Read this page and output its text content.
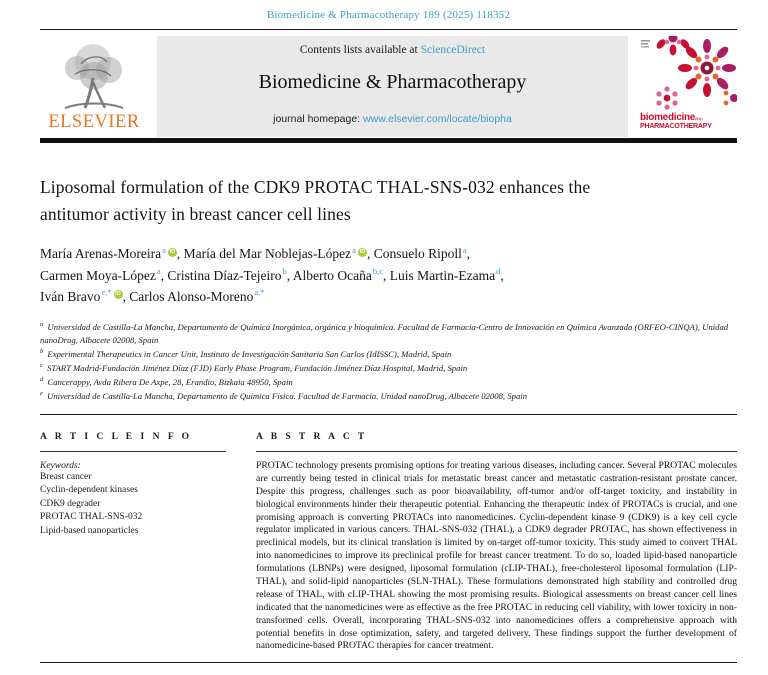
Biomedicine & Pharmacotherapy 189 (2025) 118352
ELSEVIER
Contents lists available at ScienceDirect
Biomedicine & Pharmacotherapy
journal homepage: www.elsevier.com/locate/biopha	biomedicineAND
PHARMACOTHERAPY
Liposomal formulation of the CDK9 PROTAC THAL-SNS-032 enhances the
antitumor activity in breast cancer cell lines
María Arenas-Moreira$^a$ iD , María del Mar Noblejas-López$^a$ iD , Consuelo Ripoll$^a$,
Carmen Moya-López$^a$, Cristina Díaz-Tejeiro$^b$, Alberto Ocaña$^{b,c}$, Luis Martin-Ezama$^d$,
Iván Bravo$^{e,*}$ iD , Carlos Alonso-Moreno$^{a,*}$
$^a$ Universidad de Castilla-La Mancha, Departamento de Química Inorgánica, orgánica y bioquímica. Facultad de Farmacia-Centro de Innovación en Química Avanzada (ORFEO-CINQA), Unidad nanoDrug, Albacete 02008, Spain
$^b$ Experimental Therapeutics in Cancer Unit, Instituto de Investigación Sanitaria San Carlos (IdISSC), Madrid, Spain
$^c$ START Madrid-Fundación Jiménez Díaz (FJD) Early Phase Program, Fundación Jiménez Díaz Hospital, Madrid, Spain
$^d$ Cancerappy, Avda Ribera De Axpe, 28, Erandio, Bizkaia 48950, Spain
$^e$ Universidad de Castilla-La Mancha, Departamento de Química Física. Facultad de Farmacia. Unidad nanoDrug, Albacete 02008, Spain
A R T I C L E I N F O
Keywords:
Breast cancer
Cyclin-dependent kinases
CDK9 degrader
PROTAC THAL-SNS-032
Lipid-based nanoparticles
A B S T R A C T

PROTAC technology presents promising options for treating various diseases, including cancer. Several PROTAC molecules are currently being tested in clinical trials for metastatic breast cancer and metastatic castration-resistant prostate cancer. Despite this progress, challenges such as poor bioavailability, off-tumor and/or off-target toxicity, and instability in biological environments hinder their therapeutic potential. Enhancing the therapeutic index of PROTACs is crucial, and one promising approach is converting PROTACs into nanomedicines. Cyclin-dependent kinase 9 (CDK9) is a key cell cycle regulator implicated in various cancers. THAL-SNS-032 (THAL), a CDK9 degrader PROTAC, has shown effectiveness in preclinical models, but its clinical translation is limited by on-target off-tumor toxicity. This study aimed to convert THAL into nanomedicines to improve its preclinical profile for breast cancer treatment. To do so, loaded lipid-based nanoparticle formulations (LBNPs) were designed, liposomal formulation (cLIP-THAL), free-cholesterol liposomal formulation (LIP-THAL), and solid-lipid nanoparticles (SLN-THAL). These formulations demonstrated high stability and controlled drug release of THAL, with cLIP-THAL showing the most promising results. Biological assessments on breast cancer cell lines indicated that the nanomedicines were as effective as the free PROTAC in reducing cell viability, with lower toxicity in non-transformed cells. Overall, incorporating THAL-SNS-032 into nanomedicines offers a comprehensive approach with potential benefits in dose optimization, safety, and targeted delivery. These findings support the further development of nanomedicine-based PROTAC therapies for cancer treatment.
